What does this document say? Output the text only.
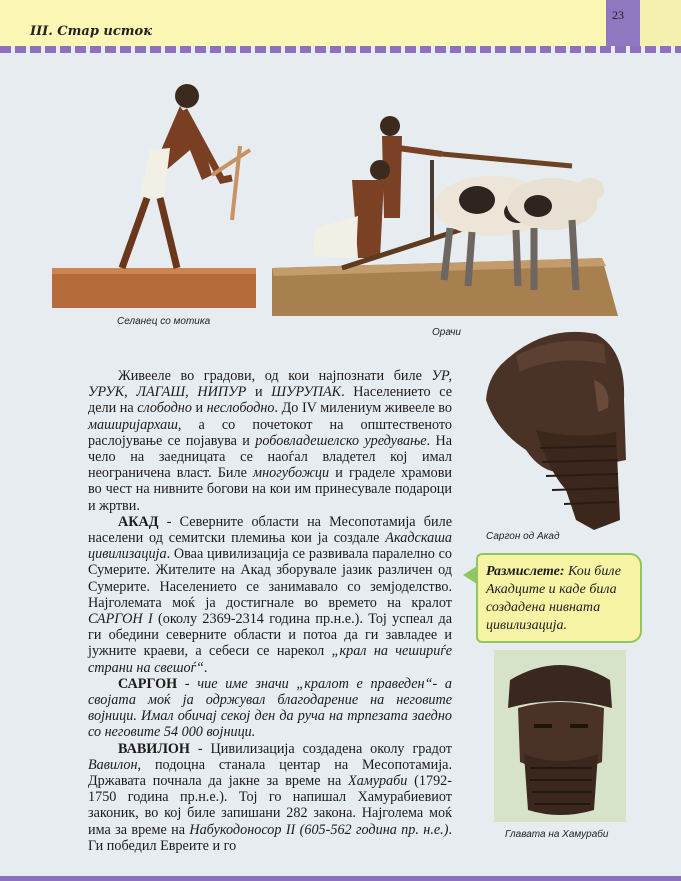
III. Стар исток
23
Селанец со мотика
Орачи
Саргон од Акад
Размислете: Кои биле Акадците и каде била создадена нивната цивилизација.
Главата на Хамураби

Живееле во градови, од кои најпознати биле УР, УРУК, ЛАГАШ, НИПУР и ШУРУПАК. Населението се дели на слободно и неслободно. До IV милениум живееле во маширијархаш, а со почетокот на општественото раслојување се појавува и робовладешелско уредување. На чело на заедницата се наоѓал владетел кој имал неограничена власт. Биле многубожци и граделе храмови во чест на нивните богови на кои им принесувале подароци и жртви.

АКАД - Северните области на Месопотамија биле населени од семитски племиња кои ја создале Акадскаша цивилизација. Оваа цивилизација се развивала паралелно со Сумерите. Жителите на Акад зборувале јазик различен од Сумерите. Населението се занимавало со земјоделство. Најголемата моќ ја достигнале во времето на кралот САРГОН I (околу 2369-2314 година пр.н.е.). Тој успеал да ги обедини северните области и потоа да ги завладее и јужните краеви, а себеси се нарекол „крал на чешириѓе страни на свешоѓ“.

САРГОН - чие име значи „кралот е праведен“- а својата моќ ја одржувал благодарение на неговите војници. Имал обичај секој ден да руча на трпезата заедно со неговите 54 000 војници.

ВАВИЛОН - Цивилизација создадена околу градот Вавилон, подоцна станала центар на Месопотамија. Државата почнала да јакне за време на Хамураби (1792-1750 година пр.н.е.). Тој го напишал Хамурабиевиот законик, во кој биле запишани 282 закона. Најголема моќ има за време на Набукодоносор II (605-562 година пр. н.е.). Ги победил Евреите и го
